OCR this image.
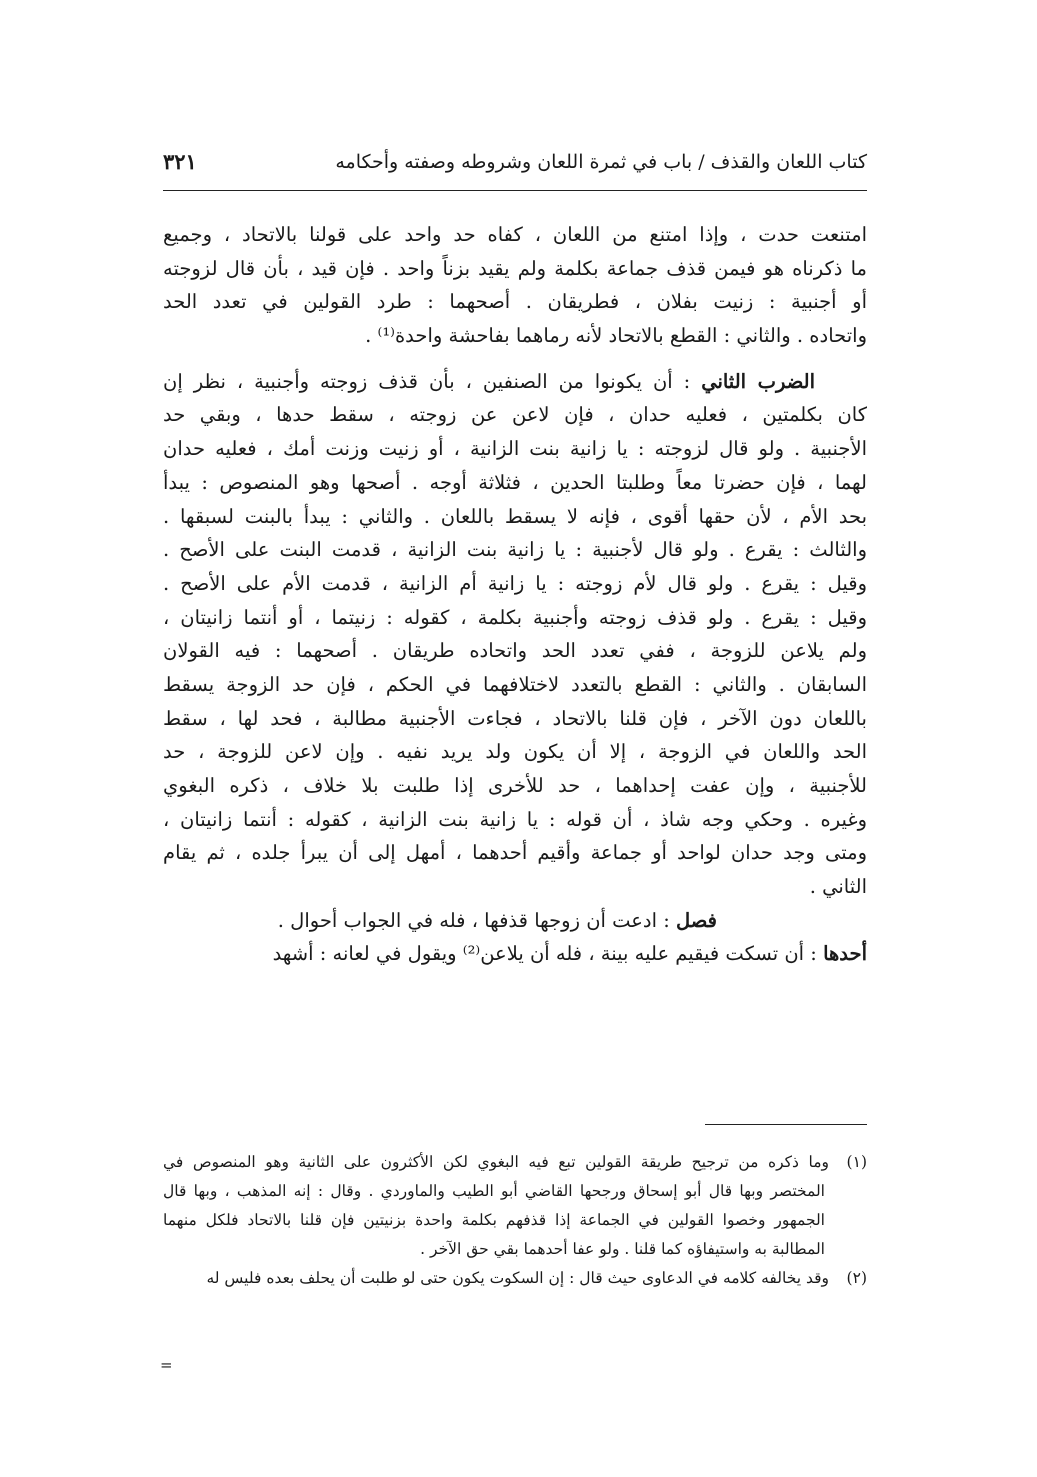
كتاب اللعان والقذف / باب في ثمرة اللعان وشروطه وصفته وأحكامه
٣٢١
امتنعت حدت ، وإذا امتنع من اللعان ، كفاه حد واحد على قولنا بالاتحاد ، وجميع
ما ذكرناه هو فيمن قذف جماعة بكلمة ولم يقيد بزناً واحد . فإن قيد ، بأن قال لزوجته
أو أجنبية : زنيت بفلان ، فطريقان . أصحهما : طرد القولين في تعدد الحد
واتحاده . والثاني : القطع بالاتحاد لأنه رماهما بفاحشة واحدة⁽¹⁾ .
الضرب الثاني : أن يكونوا من الصنفين ، بأن قذف زوجته وأجنبية ، نظر إن
كان بكلمتين ، فعليه حدان ، فإن لاعن عن زوجته ، سقط حدها ، وبقي حد
الأجنبية . ولو قال لزوجته : يا زانية بنت الزانية ، أو زنيت وزنت أمك ، فعليه حدان
لهما ، فإن حضرتا معاً وطلبتا الحدين ، فثلاثة أوجه . أصحها وهو المنصوص : يبدأ
بحد الأم ، لأن حقها أقوى ، فإنه لا يسقط باللعان . والثاني : يبدأ بالبنت لسبقها .
والثالث : يقرع . ولو قال لأجنبية : يا زانية بنت الزانية ، قدمت البنت على الأصح .
وقيل : يقرع . ولو قال لأم زوجته : يا زانية أم الزانية ، قدمت الأم على الأصح .
وقيل : يقرع . ولو قذف زوجته وأجنبية بكلمة ، كقوله : زنيتما ، أو أنتما زانيتان ،
ولم يلاعن للزوجة ، ففي تعدد الحد واتحاده طريقان . أصحهما : فيه القولان
السابقان . والثاني : القطع بالتعدد لاختلافهما في الحكم ، فإن حد الزوجة يسقط
باللعان دون الآخر ، فإن قلنا بالاتحاد ، فجاءت الأجنبية مطالبة ، فحد لها ، سقط
الحد واللعان في الزوجة ، إلا أن يكون ولد يريد نفيه . وإن لاعن للزوجة ، حد
للأجنبية ، وإن عفت إحداهما ، حد للأخرى إذا طلبت بلا خلاف ، ذكره البغوي
وغيره . وحكي وجه شاذ ، أن قوله : يا زانية بنت الزانية ، كقوله : أنتما زانيتان ،
ومتى وجد حدان لواحد أو جماعة وأقيم أحدهما ، أمهل إلى أن يبرأ جلده ، ثم يقام
الثاني .
فصل : ادعت أن زوجها قذفها ، فله في الجواب أحوال .
أحدها : أن تسكت فيقيم عليه بينة ، فله أن يلاعن⁽²⁾ ويقول في لعانه : أشهد
(١)وما ذكره من ترجيح طريقة القولين تبع فيه البغوي لكن الأكثرون على الثانية وهو المنصوص في
المختصر وبها قال أبو إسحاق ورجحها القاضي أبو الطيب والماوردي . وقال : إنه المذهب ، وبها قال
الجمهور وخصوا القولين في الجماعة إذا قذفهم بكلمة واحدة بزنيتين فإن قلنا بالاتحاد فلكل منهما
المطالبة به واستيفاؤه كما قلنا . ولو عفا أحدهما بقي حق الآخر .
(٢)وقد يخالفه كلامه في الدعاوى حيث قال : إن السكوت يكون حتى لو طلبت أن يحلف بعده فليس له
=
